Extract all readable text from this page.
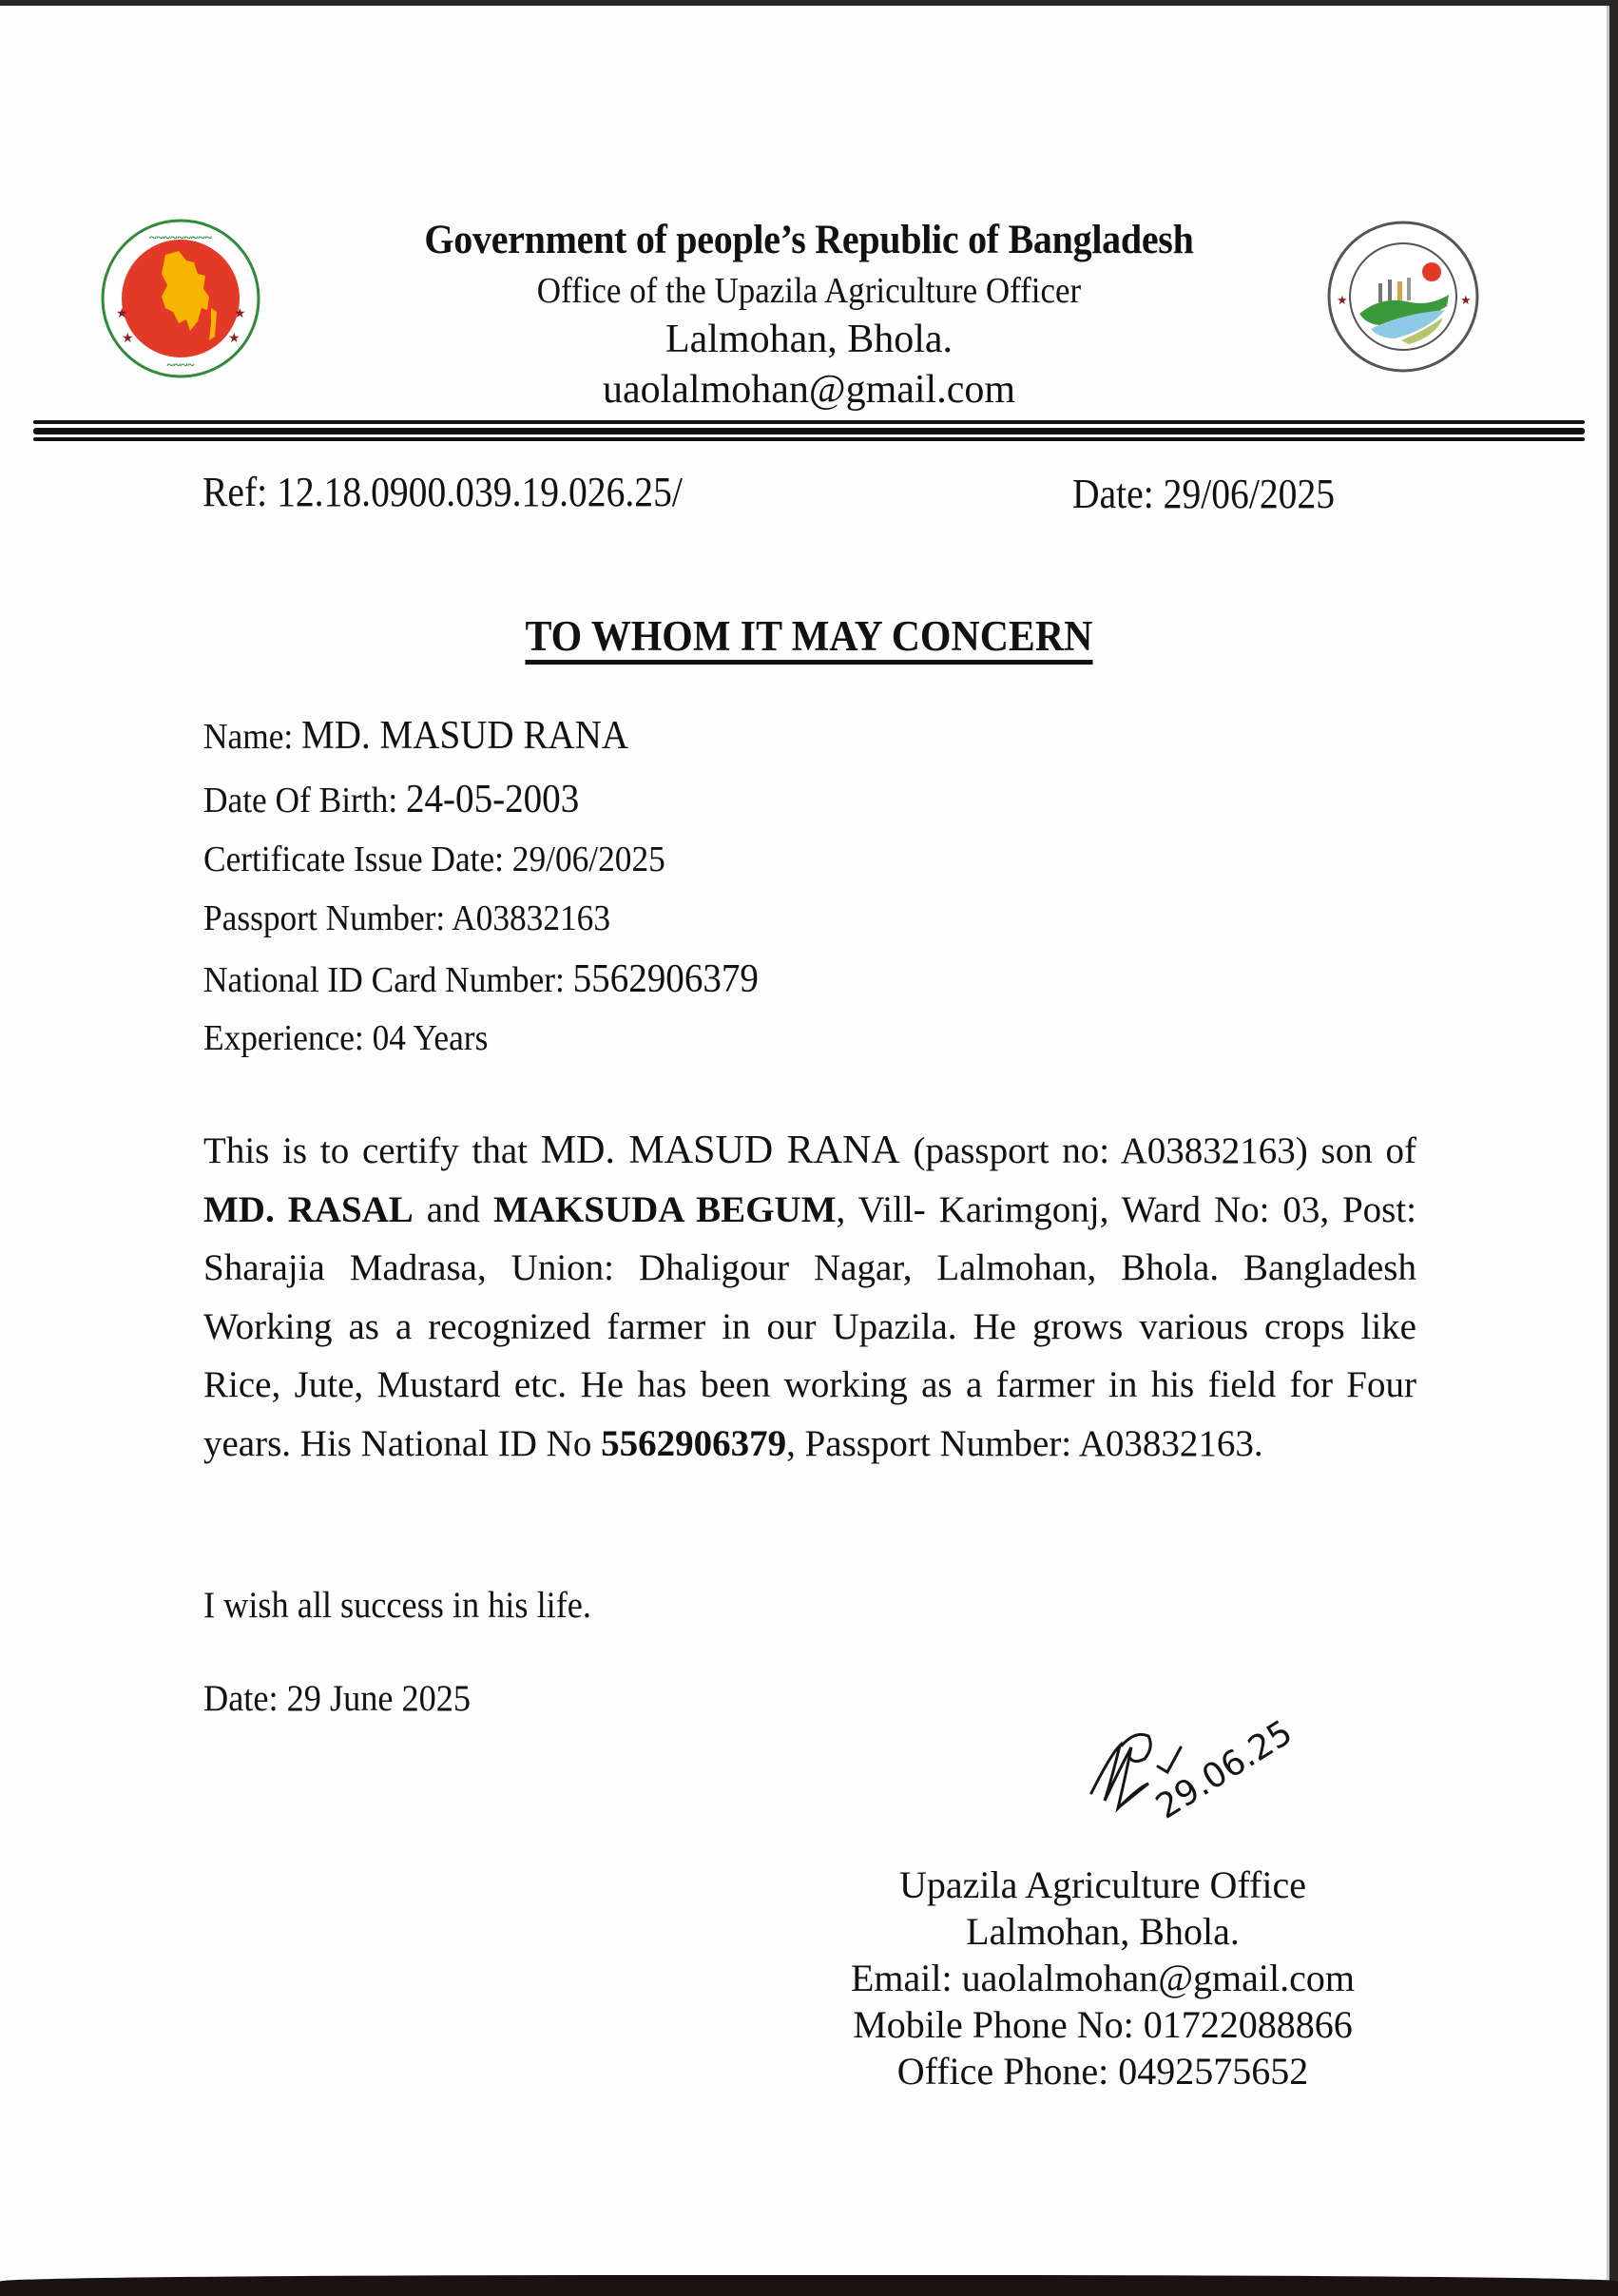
~~~~~~~~~
~~~~
★	★
★	★
★	★
Government of people’s Republic of Bangladesh
Office of the Upazila Agriculture Officer
Lalmohan, Bhola.
uaolalmohan@gmail.com
Ref: 12.18.0900.039.19.026.25/	Date: 29/06/2025
TO WHOM IT MAY CONCERN
Name: MD. MASUD RANA
Date Of Birth: 24-05-2003
Certificate Issue Date: 29/06/2025
Passport Number: A03832163
National ID Card Number: 5562906379
Experience: 04 Years
This is to certify that MD. MASUD RANA (passport no: A03832163) son of MD. RASAL and MAKSUDA BEGUM, Vill- Karimgonj, Ward No: 03, Post: Sharajia Madrasa, Union: Dhaligour Nagar, Lalmohan, Bhola. Bangladesh Working as a recognized farmer in our Upazila. He grows various crops like Rice, Jute, Mustard etc. He has been working as a farmer in his field for Four years. His National ID No 5562906379, Passport Number: A03832163.
I wish all success in his life.
Date: 29 June 2025
29.06.25
Upazila Agriculture Office
Lalmohan, Bhola.
Email: uaolalmohan@gmail.com
Mobile Phone No: 01722088866
Office Phone: 0492575652
